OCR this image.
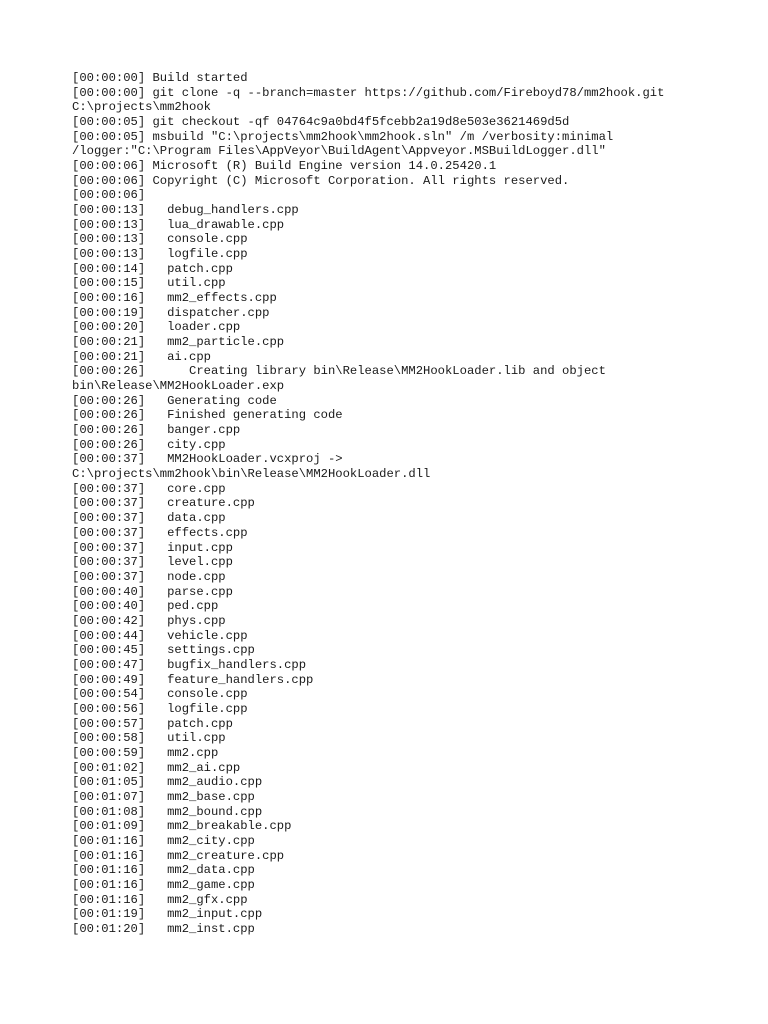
[00:00:00] Build started
[00:00:00] git clone -q --branch=master https://github.com/Fireboyd78/mm2hook.git
C:\projects\mm2hook
[00:00:05] git checkout -qf 04764c9a0bd4f5fcebb2a19d8e503e3621469d5d
[00:00:05] msbuild "C:\projects\mm2hook\mm2hook.sln" /m /verbosity:minimal
/logger:"C:\Program Files\AppVeyor\BuildAgent\Appveyor.MSBuildLogger.dll"
[00:00:06] Microsoft (R) Build Engine version 14.0.25420.1
[00:00:06] Copyright (C) Microsoft Corporation. All rights reserved.
[00:00:06]
[00:00:13]   debug_handlers.cpp
[00:00:13]   lua_drawable.cpp
[00:00:13]   console.cpp
[00:00:13]   logfile.cpp
[00:00:14]   patch.cpp
[00:00:15]   util.cpp
[00:00:16]   mm2_effects.cpp
[00:00:19]   dispatcher.cpp
[00:00:20]   loader.cpp
[00:00:21]   mm2_particle.cpp
[00:00:21]   ai.cpp
[00:00:26]      Creating library bin\Release\MM2HookLoader.lib and object
bin\Release\MM2HookLoader.exp
[00:00:26]   Generating code
[00:00:26]   Finished generating code
[00:00:26]   banger.cpp
[00:00:26]   city.cpp
[00:00:37]   MM2HookLoader.vcxproj ->
C:\projects\mm2hook\bin\Release\MM2HookLoader.dll
[00:00:37]   core.cpp
[00:00:37]   creature.cpp
[00:00:37]   data.cpp
[00:00:37]   effects.cpp
[00:00:37]   input.cpp
[00:00:37]   level.cpp
[00:00:37]   node.cpp
[00:00:40]   parse.cpp
[00:00:40]   ped.cpp
[00:00:42]   phys.cpp
[00:00:44]   vehicle.cpp
[00:00:45]   settings.cpp
[00:00:47]   bugfix_handlers.cpp
[00:00:49]   feature_handlers.cpp
[00:00:54]   console.cpp
[00:00:56]   logfile.cpp
[00:00:57]   patch.cpp
[00:00:58]   util.cpp
[00:00:59]   mm2.cpp
[00:01:02]   mm2_ai.cpp
[00:01:05]   mm2_audio.cpp
[00:01:07]   mm2_base.cpp
[00:01:08]   mm2_bound.cpp
[00:01:09]   mm2_breakable.cpp
[00:01:16]   mm2_city.cpp
[00:01:16]   mm2_creature.cpp
[00:01:16]   mm2_data.cpp
[00:01:16]   mm2_game.cpp
[00:01:16]   mm2_gfx.cpp
[00:01:19]   mm2_input.cpp
[00:01:20]   mm2_inst.cpp
